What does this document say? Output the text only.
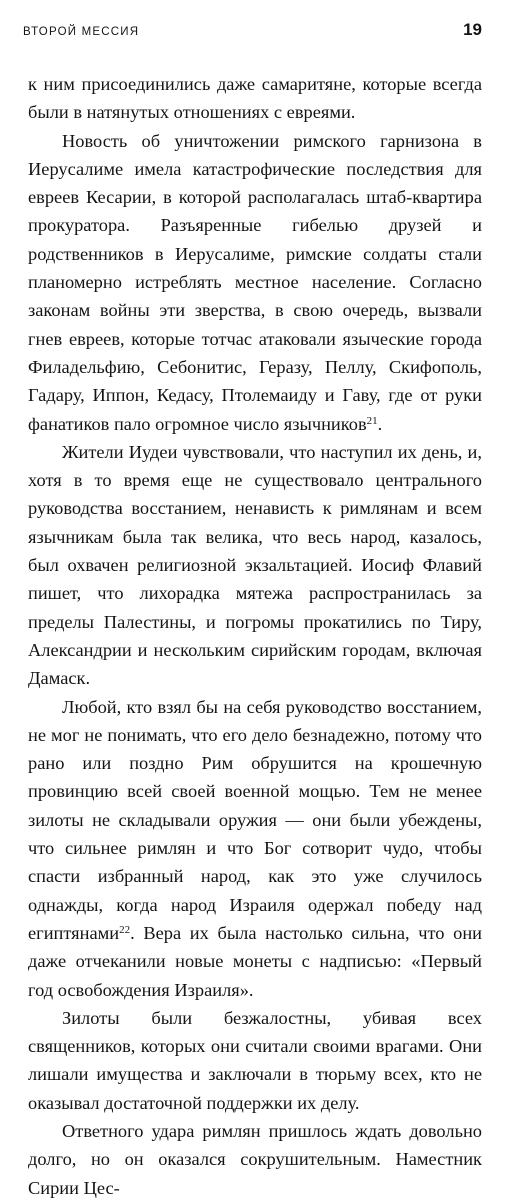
ВТОРОЙ МЕССИЯ	19

к ним присоединились даже самаритяне, которые всегда были в натянутых отношениях с евреями.

Новость об уничтожении римского гарнизона в Иерусалиме имела катастрофические последствия для евреев Кесарии, в которой располагалась штаб-квартира прокуратора. Разъяренные гибелью друзей и родственников в Иерусалиме, римские солдаты стали планомерно истреблять местное население. Согласно законам войны эти зверства, в свою очередь, вызвали гнев евреев, которые тотчас атаковали языческие города Филадельфию, Себонитис, Геразу, Пеллу, Скифополь, Гадару, Иппон, Кедасу, Птолемаиду и Гаву, где от руки фанатиков пало огромное число язычников$^{21}$.

Жители Иудеи чувствовали, что наступил их день, и, хотя в то время еще не существовало центрального руководства восстанием, ненависть к римлянам и всем язычникам была так велика, что весь народ, казалось, был охвачен религиозной экзальтацией. Иосиф Флавий пишет, что лихорадка мятежа распространилась за пределы Палестины, и погромы прокатились по Тиру, Александрии и нескольким сирийским городам, включая Дамаск.

Любой, кто взял бы на себя руководство восстанием, не мог не понимать, что его дело безнадежно, потому что рано или поздно Рим обрушится на крошечную провинцию всей своей военной мощью. Тем не менее зилоты не складывали оружия — они были убеждены, что сильнее римлян и что Бог сотворит чудо, чтобы спасти избранный народ, как это уже случилось однажды, когда народ Израиля одержал победу над египтянами$^{22}$. Вера их была настолько сильна, что они даже отчеканили новые монеты с надписью: «Первый год освобождения Израиля».

Зилоты были безжалостны, убивая всех священников, которых они считали своими врагами. Они лишали имущества и заключали в тюрьму всех, кто не оказывал достаточной поддержки их делу.

Ответного удара римлян пришлось ждать довольно долго, но он оказался сокрушительным. Наместник Сирии Цес-
